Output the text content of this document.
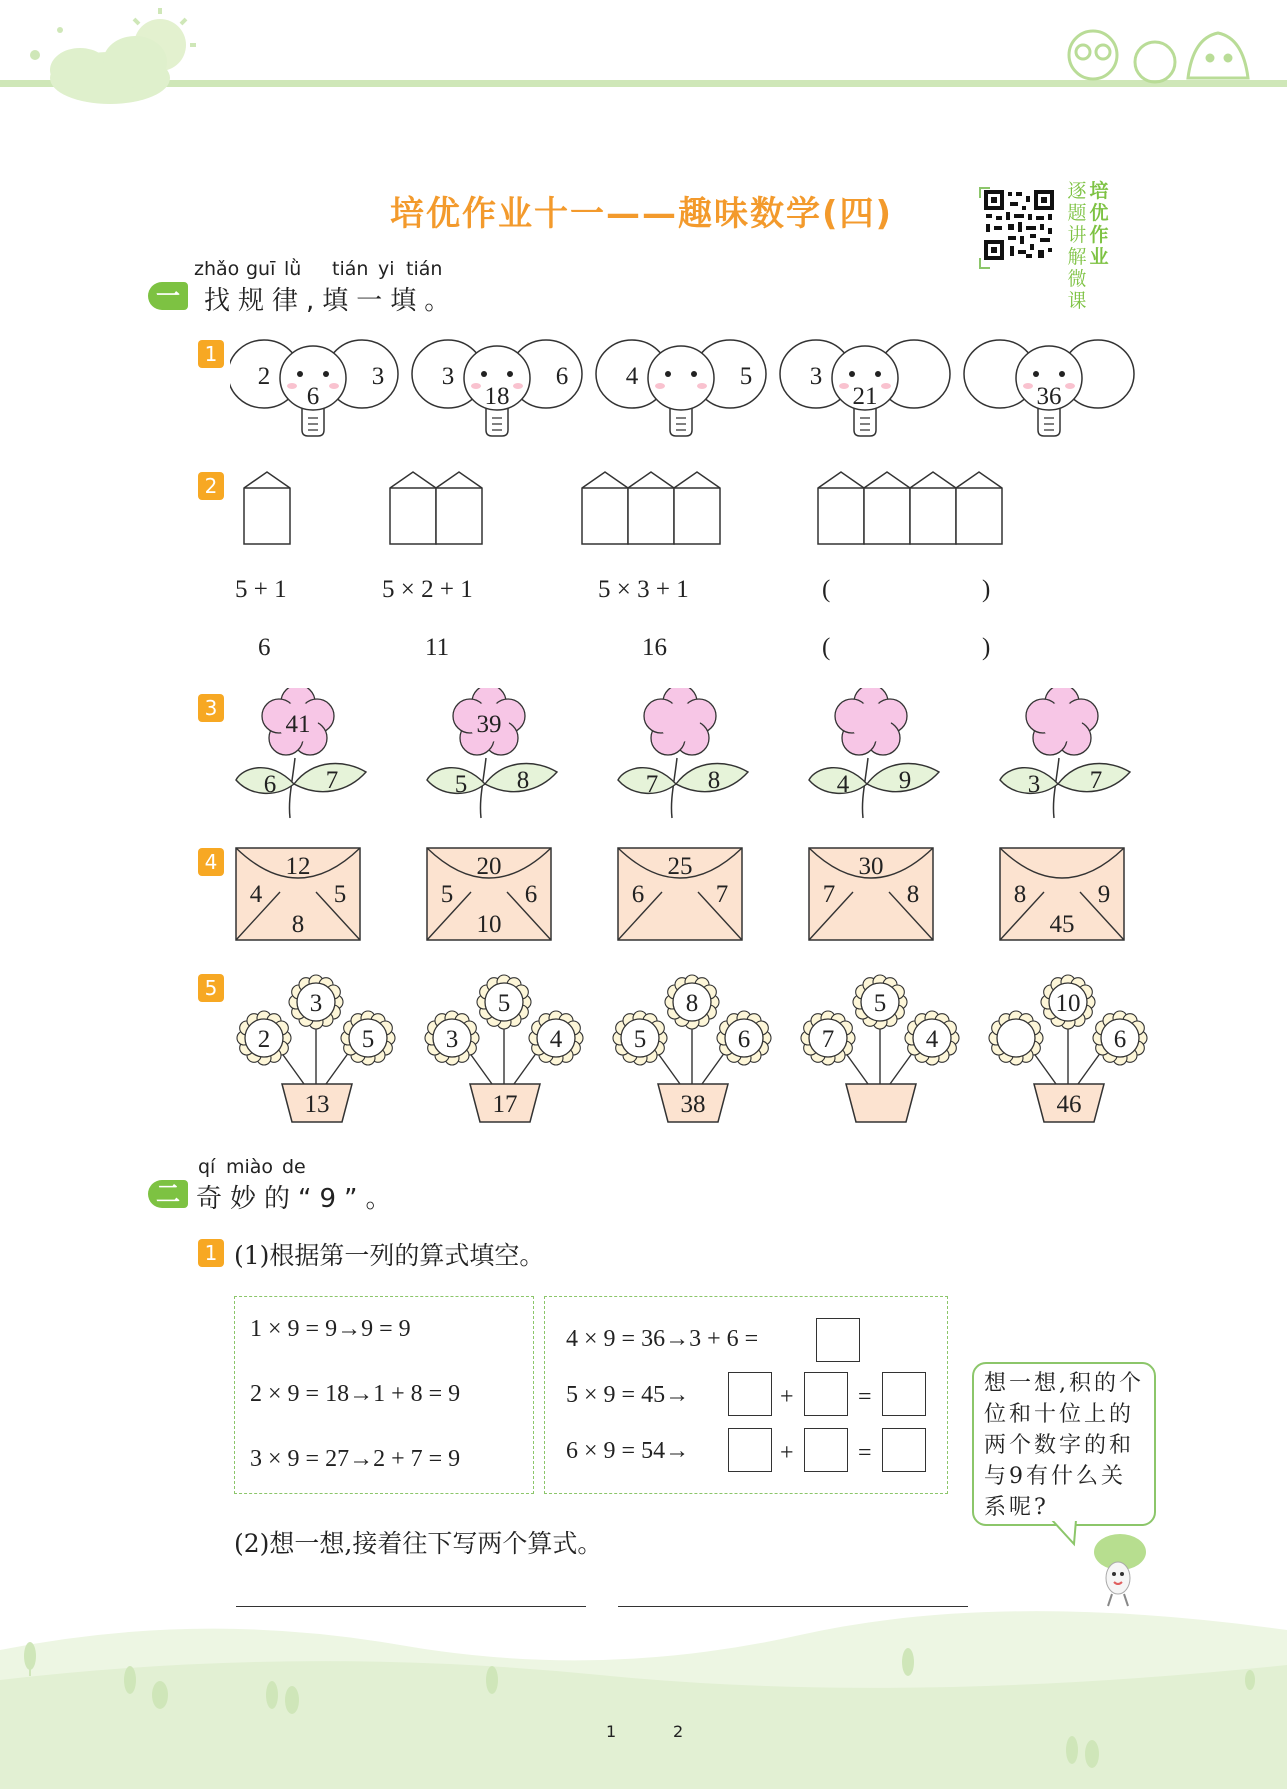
培优作业十一——趣味数学(四)
逐题讲解微课
培优作业
一
zhǎo guī lǜ tián yi tián
找规律,填一填。
1
2	3
6
3	6
18
4	5 3
21	36
2
5 + 1	5 × 2 + 1	5 × 3 + 1	(	)
6	11	16	(	)
3
41
6 7
39
5 8	7 8	4 9	3 7
4	12
4	5
8
20
5	6
10
25
6	7
30
7	8	8	9
45
5
3
2	5
13
5
3	4
17
8
5	6
38
5
7	4
10
6
46
二
qí miào de
奇妙的“9”。
1 (1)根据第一列的算式填空。
1 × 9 = 9→9 = 9
2 × 9 = 18→1 + 8 = 9
3 × 9 = 27→2 + 7 = 9
4 × 9 = 36→3 + 6 =
5 × 9 = 45→	+	=
6 × 9 = 54→	+	=
想一想,积的个位和十位上的两个数字的和与9有什么关系呢?
(2)想一想,接着往下写两个算式。
1	2
